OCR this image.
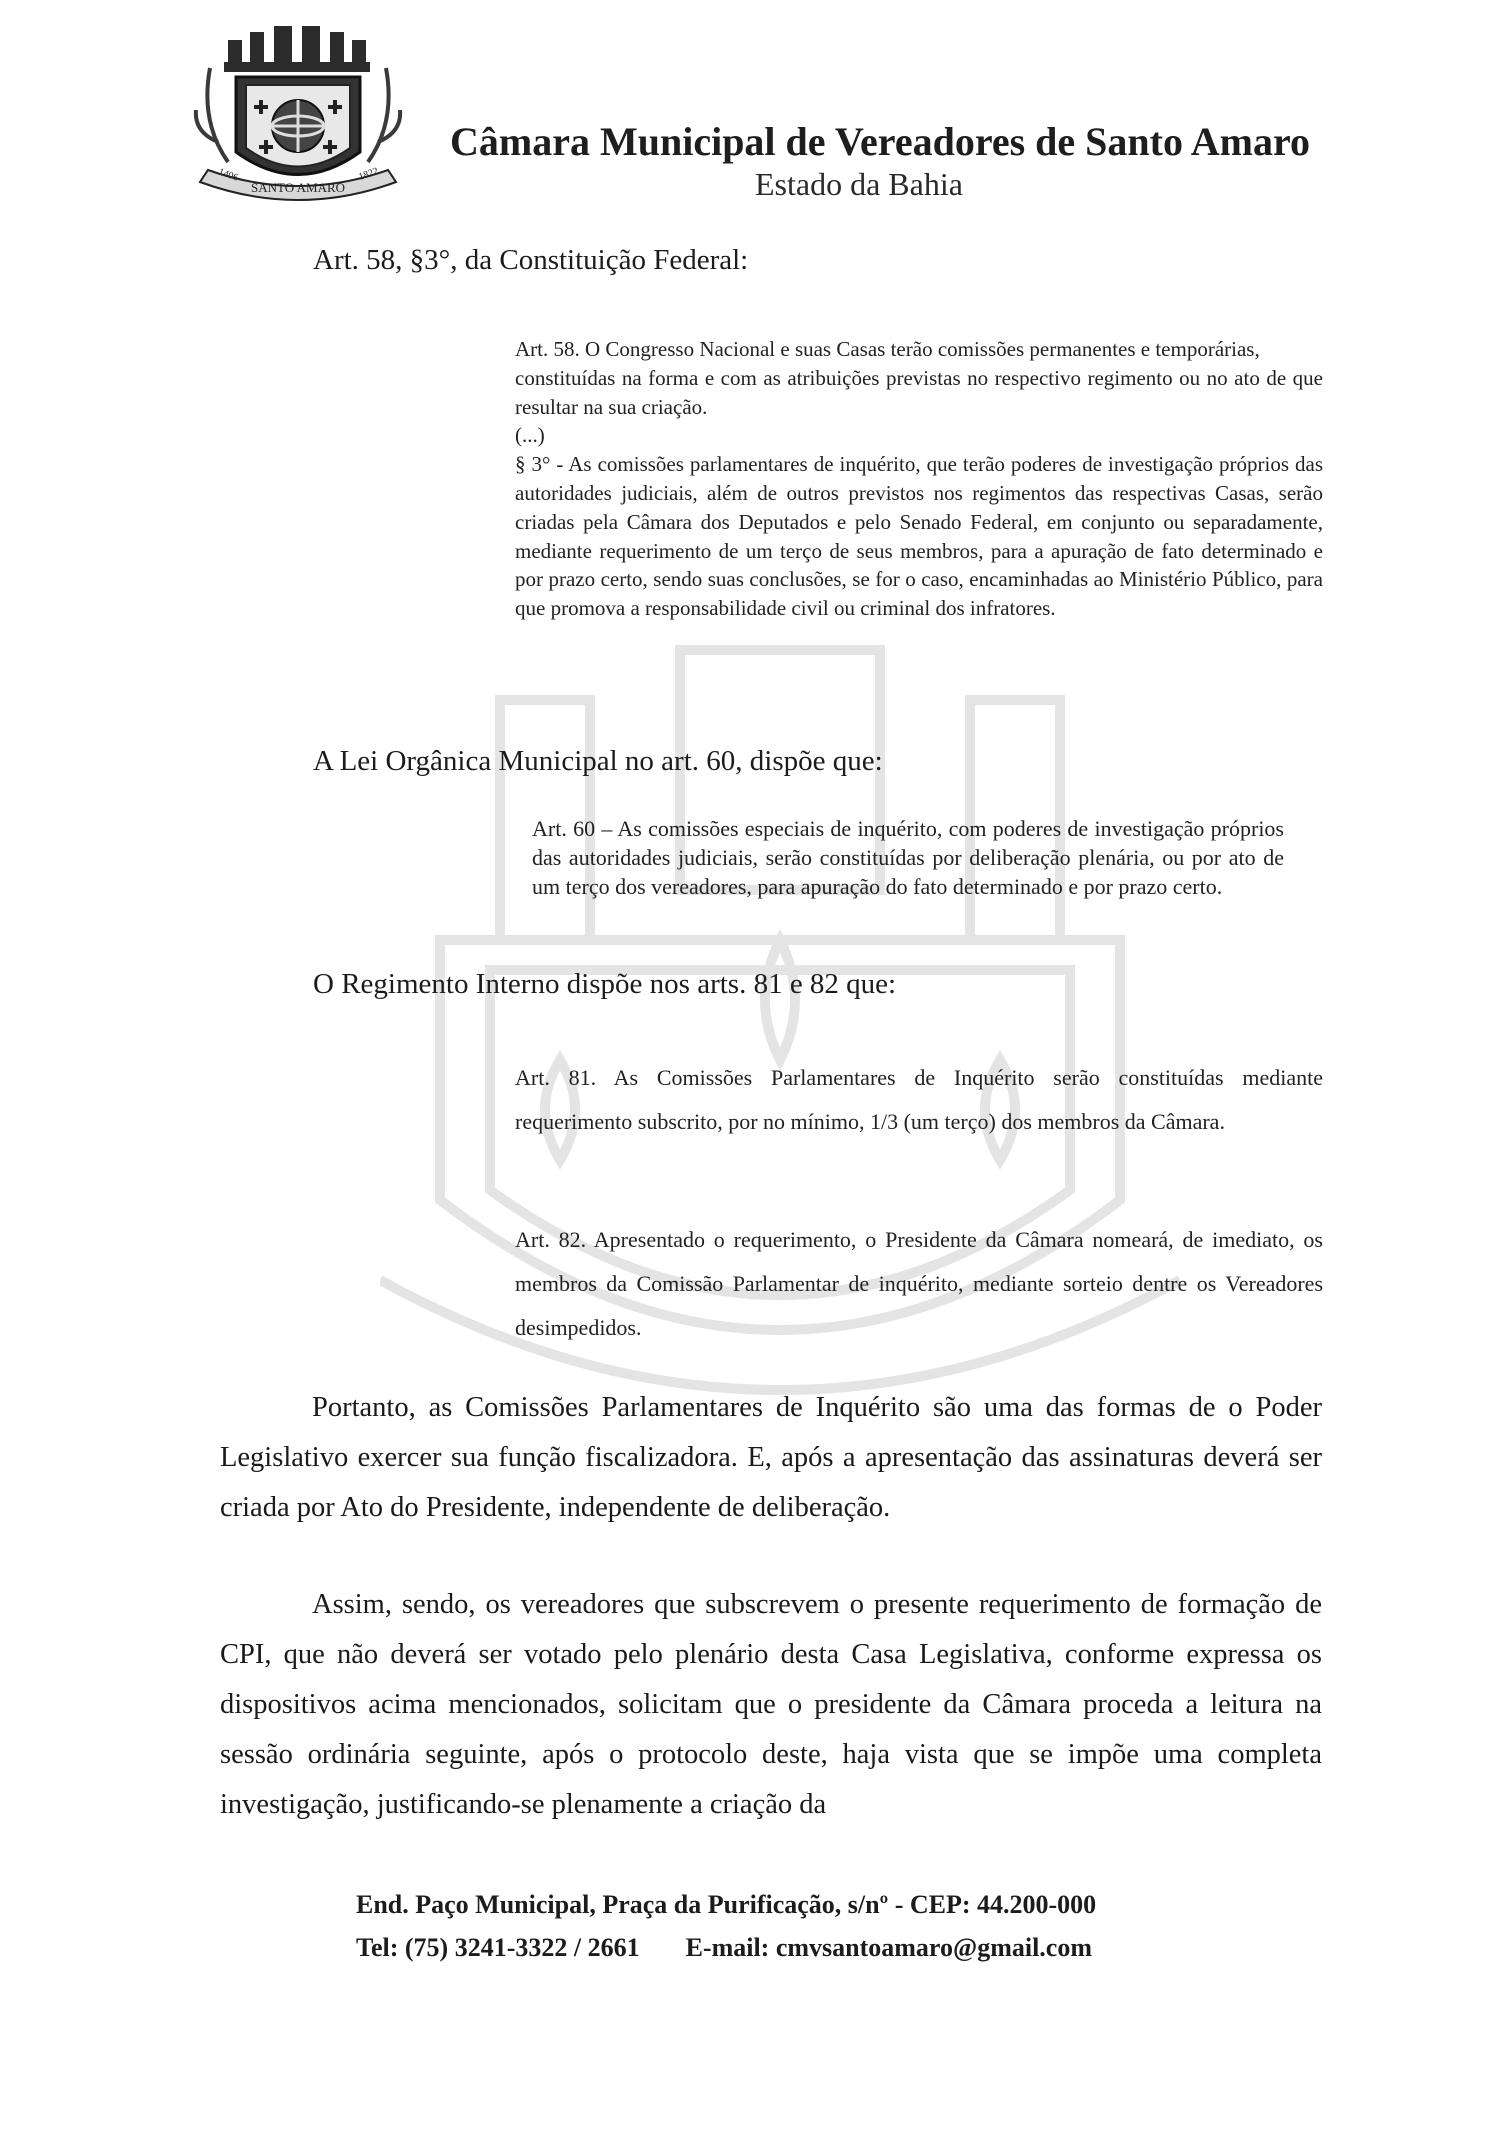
SANTO AMARO
1406	1822
Câmara Municipal de Vereadores de Santo Amaro
Estado da Bahia
Art. 58, §3°, da Constituição Federal:

Art. 58. O Congresso Nacional e suas Casas terão comissões permanentes e temporárias,

constituídas na forma e com as atribuições previstas no respectivo regimento ou no ato de que resultar na sua criação.

(...)

§ 3° - As comissões parlamentares de inquérito, que terão poderes de investigação próprios das autoridades judiciais, além de outros previstos nos regimentos das respectivas Casas, serão criadas pela Câmara dos Deputados e pelo Senado Federal, em conjunto ou separadamente, mediante requerimento de um terço de seus membros, para a apuração de fato determinado e por prazo certo, sendo suas conclusões, se for o caso, encaminhadas ao Ministério Público, para que promova a responsabilidade civil ou criminal dos infratores.

A Lei Orgânica Municipal no art. 60, dispõe que:
Art. 60 – As comissões especiais de inquérito, com poderes de investigação próprios das autoridades judiciais, serão constituídas por deliberação plenária, ou por ato de um terço dos vereadores, para apuração do fato determinado e por prazo certo.
O Regimento Interno dispõe nos arts. 81 e 82 que:
Art. 81. As Comissões Parlamentares de Inquérito serão constituídas mediante requerimento subscrito, por no mínimo, 1/3 (um terço) dos membros da Câmara.
Art. 82. Apresentado o requerimento, o Presidente da Câmara nomeará, de imediato, os membros da Comissão Parlamentar de inquérito, mediante sorteio dentre os Vereadores desimpedidos.
Portanto, as Comissões Parlamentares de Inquérito são uma das formas de o Poder Legislativo exercer sua função fiscalizadora. E, após a apresentação das assinaturas deverá ser criada por Ato do Presidente, independente de deliberação.
Assim, sendo, os vereadores que subscrevem o presente requerimento de formação de CPI, que não deverá ser votado pelo plenário desta Casa Legislativa, conforme expressa os dispositivos acima mencionados, solicitam que o presidente da Câmara proceda a leitura na sessão ordinária seguinte, após o protocolo deste, haja vista que se impõe uma completa investigação, justificando-se plenamente a criação da
End. Paço Municipal, Praça da Purificação, s/nº - CEP: 44.200-000
Tel: (75) 3241-3322 / 2661 E-mail: cmvsantoamaro@gmail.com
